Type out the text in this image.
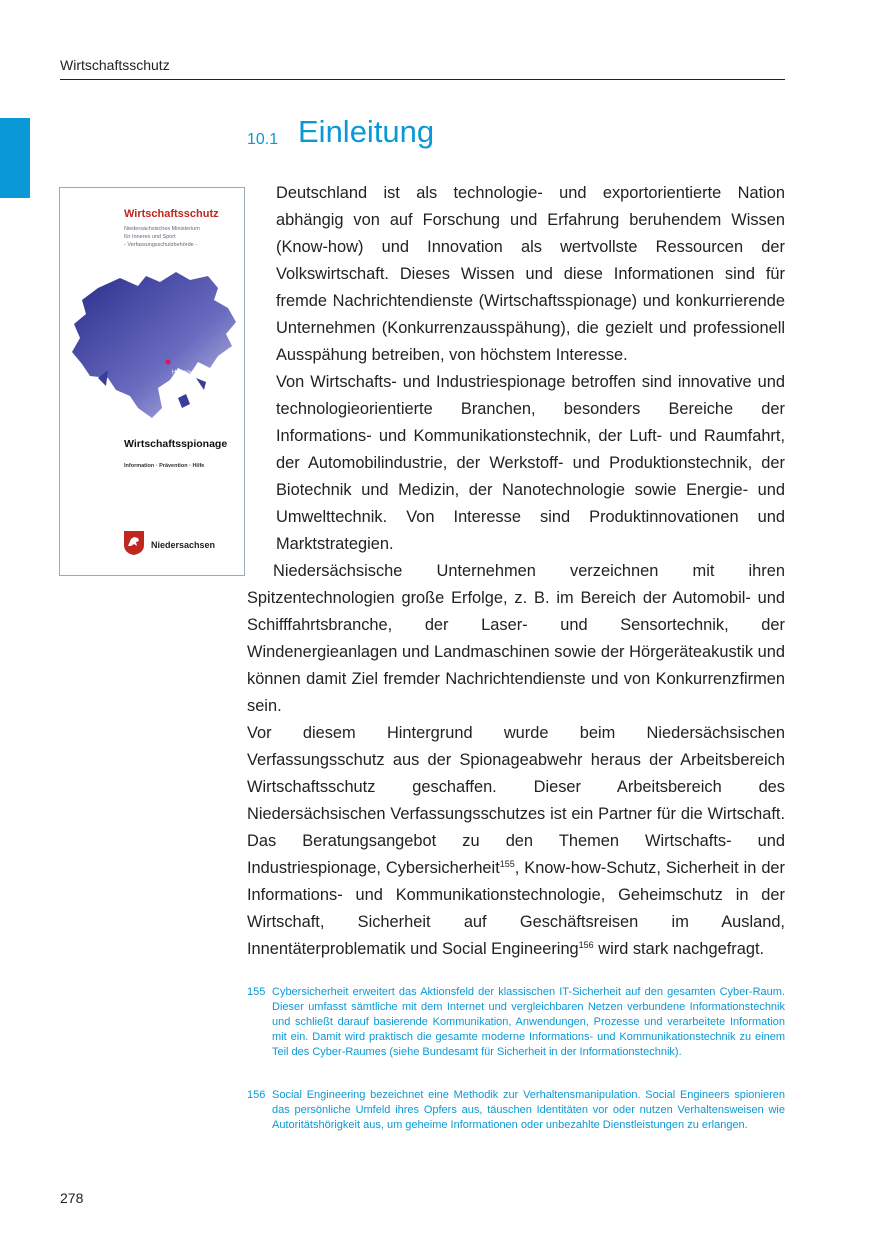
Wirtschaftsschutz
10.1 Einleitung
Wirtschaftsschutz
Niedersächsisches Ministerium
für Inneres und Sport
- Verfassungsschutzbehörde -
Hannover
Wirtschaftsspionage
Information · Prävention · Hilfe
Niedersachsen

Deutschland ist als technologie- und exportorientierte Nation abhängig von auf Forschung und Erfahrung beruhendem Wissen (Know-how) und Innovation als wertvollste Ressourcen der Volkswirtschaft. Dieses Wissen und diese Informationen sind für fremde Nachrichtendienste (Wirtschaftsspionage) und konkurrierende Unternehmen (Konkurrenzausspähung), die gezielt und professionell Ausspähung betreiben, von höchstem Interesse.

Von Wirtschafts- und Industriespionage betroffen sind innovative und technologieorientierte Branchen, besonders Bereiche der Informations- und Kommunikationstechnik, der Luft- und Raumfahrt, der Automobilindustrie, der Werkstoff- und Produktionstechnik, der Biotechnik und Medizin, der Nanotechnologie sowie Energie- und Umwelttechnik. Von Interesse sind Produktinnovationen und Marktstrategien.

Niedersächsische Unternehmen verzeichnen mit ihren Spitzentechnologien große Erfolge, z. B. im Bereich der Automobil- und Schifffahrtsbranche, der Laser- und Sensortechnik, der Windenergieanlagen und Landmaschinen sowie der Hörgeräteakustik und können damit Ziel fremder Nachrichtendienste und von Konkurrenzfirmen sein.

Vor diesem Hintergrund wurde beim Niedersächsischen Verfassungsschutz aus der Spionageabwehr heraus der Arbeitsbereich Wirtschaftsschutz geschaffen. Dieser Arbeitsbereich des Niedersächsischen Verfassungsschutzes ist ein Partner für die Wirtschaft. Das Beratungsangebot zu den Themen Wirtschafts- und Industriespionage, Cybersicherheit$^{155}$, Know-how-Schutz, Sicherheit in der Informations- und Kommunikationstechnologie, Geheimschutz in der Wirtschaft, Sicherheit auf Geschäftsreisen im Ausland, Innentäterproblematik und Social Engineering$^{156}$ wird stark nachgefragt.

155 Cybersicherheit erweitert das Aktionsfeld der klassischen IT-Sicherheit auf den gesamten Cyber-Raum. Dieser umfasst sämtliche mit dem Internet und vergleichbaren Netzen verbundene Informationstechnik und schließt darauf basierende Kommunikation, Anwendungen, Prozesse und verarbeitete Information mit ein. Damit wird praktisch die gesamte moderne Informations- und Kommunikationstechnik zu einem Teil des Cyber-Raumes (siehe Bundesamt für Sicherheit in der Informationstechnik).

156 Social Engineering bezeichnet eine Methodik zur Verhaltensmanipulation. Social Engineers spionieren das persönliche Umfeld ihres Opfers aus, täuschen Identitäten vor oder nutzen Verhaltensweisen wie Autoritätshörigkeit aus, um geheime Informationen oder unbezahlte Dienstleistungen zu erlangen.

278
